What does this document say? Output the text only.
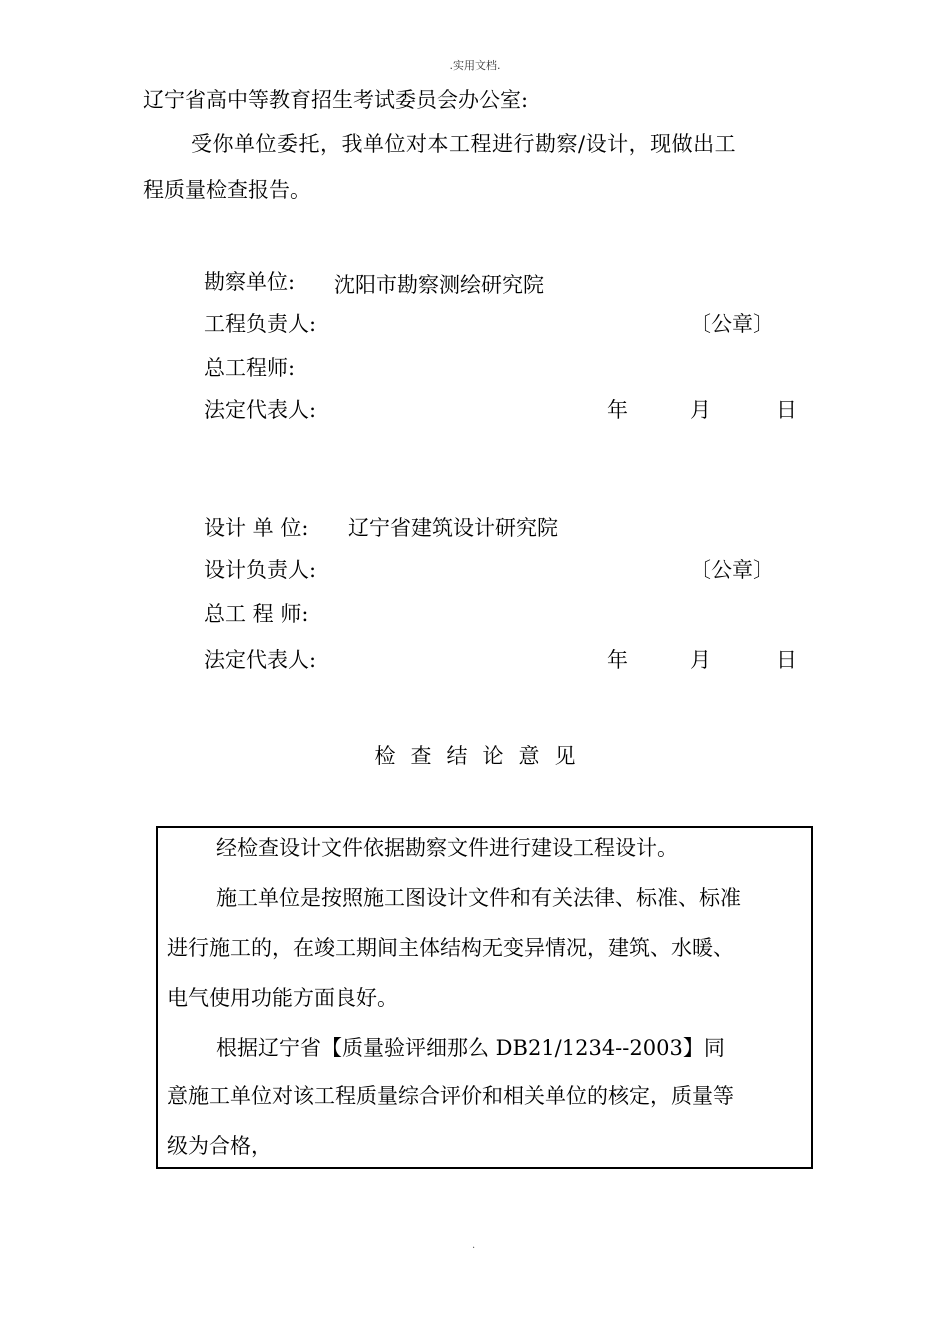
.实用文档.
辽宁省高中等教育招生考试委员会办公室:
受你单位委托，我单位对本工程进行勘察/设计，现做出工
程质量检查报告。
勘察单位: 沈阳市勘察测绘研究院
工程负责人:	〔公章〕
总工程师:
法定代表人:	年	月	日
设计 单 位: 辽宁省建筑设计研究院
设计负责人:	〔公章〕
总工 程 师:
法定代表人:	年	月	日
检查结论意见
经检查设计文件依据勘察文件进行建设工程设计。
施工单位是按照施工图设计文件和有关法律、标准、标准
进行施工的，在竣工期间主体结构无变异情况，建筑、水暖、
电气使用功能方面良好。
根据辽宁省【质量验评细那么 DB21/1234--2003】同
意施工单位对该工程质量综合评价和相关单位的核定，质量等
级为合格，
.
